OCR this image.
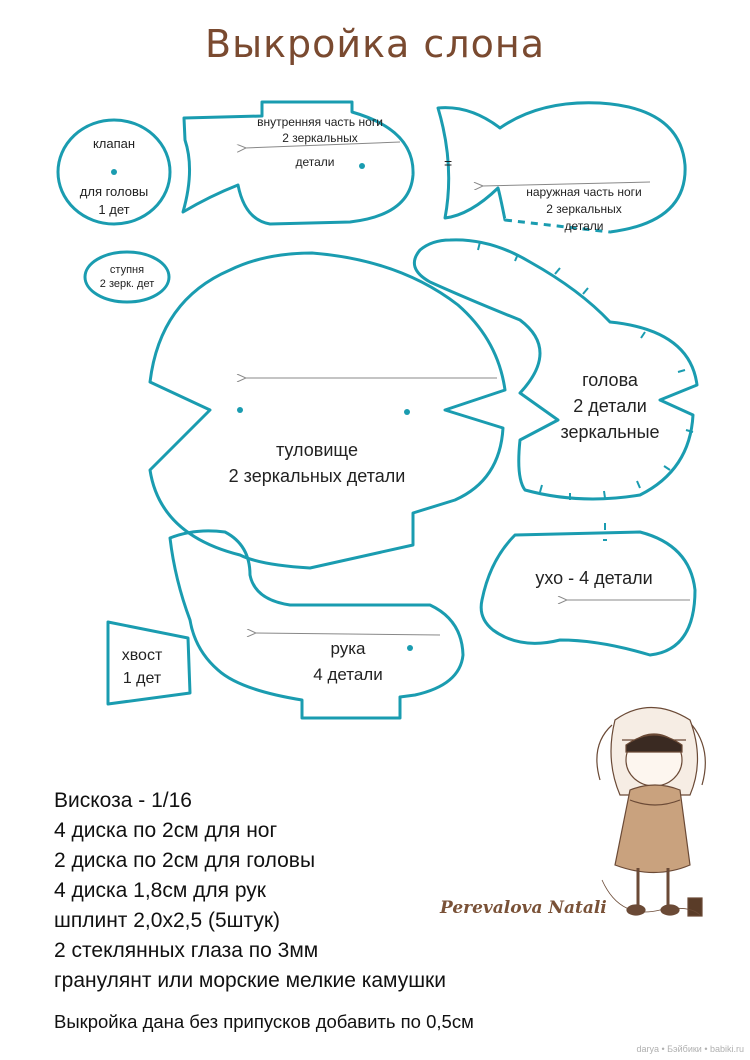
Выкройка слона
=
клапан
для головы
1 дет
внутренняя часть ноги
2 зеркальных
детали
наружная часть ноги
2 зеркальных
детали
ступня
2 зерк. дет
туловище
2 зеркальных детали
голова
2 детали
зеркальные
ухо - 4 детали
хвост
1 дет
рука
4 детали
Вискоза - 1/16
4 диска по 2см для ног
2 диска по 2см для головы
4 диска 1,8см для рук
шплинт 2,0х2,5 (5штук)
2 стеклянных глаза по 3мм
гранулянт или морские мелкие камушки
Выкройка дана без припусков добавить по 0,5см
Perevalova Natali
darya • Бэйбики • babiki.ru
